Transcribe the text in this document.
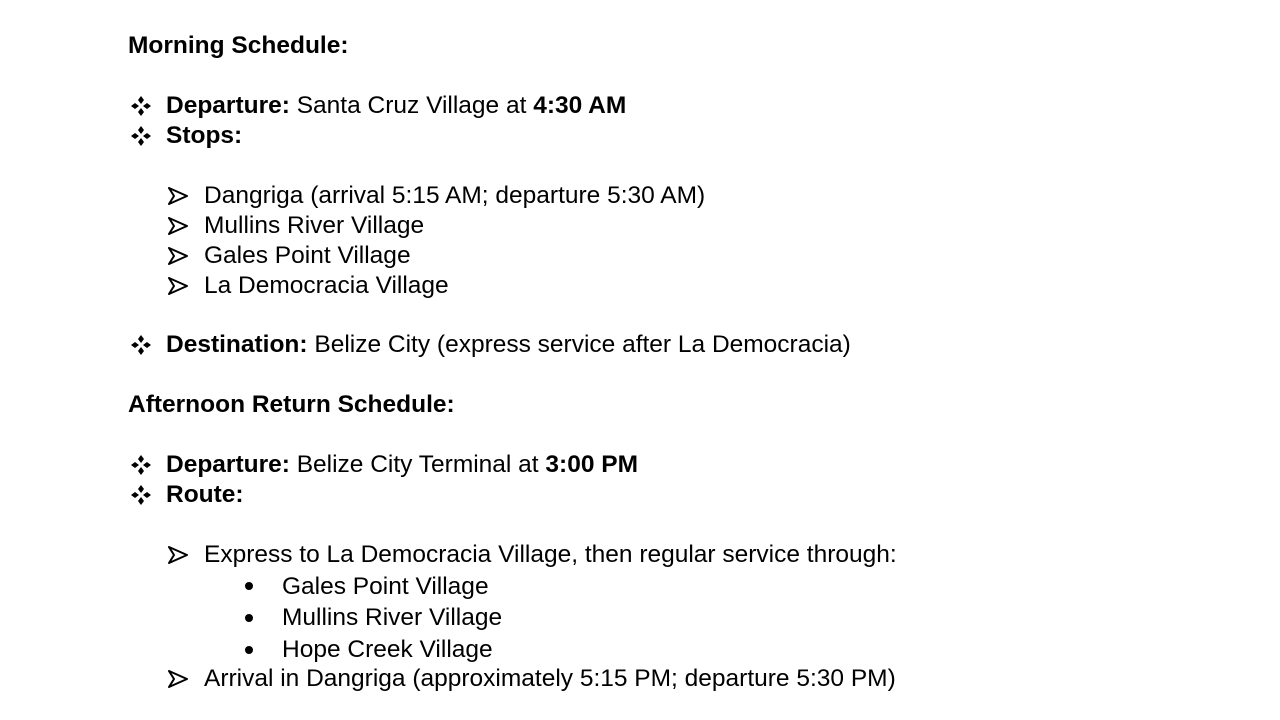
Morning Schedule:
Departure: Santa Cruz Village at 4:30 AM
Stops:
Dangriga (arrival 5:15 AM; departure 5:30 AM)
Mullins River Village
Gales Point Village
La Democracia Village
Destination: Belize City (express service after La Democracia)
Afternoon Return Schedule:
Departure: Belize City Terminal at 3:00 PM
Route:
Express to La Democracia Village, then regular service through:
Gales Point Village
Mullins River Village
Hope Creek Village
Arrival in Dangriga (approximately 5:15 PM; departure 5:30 PM)
